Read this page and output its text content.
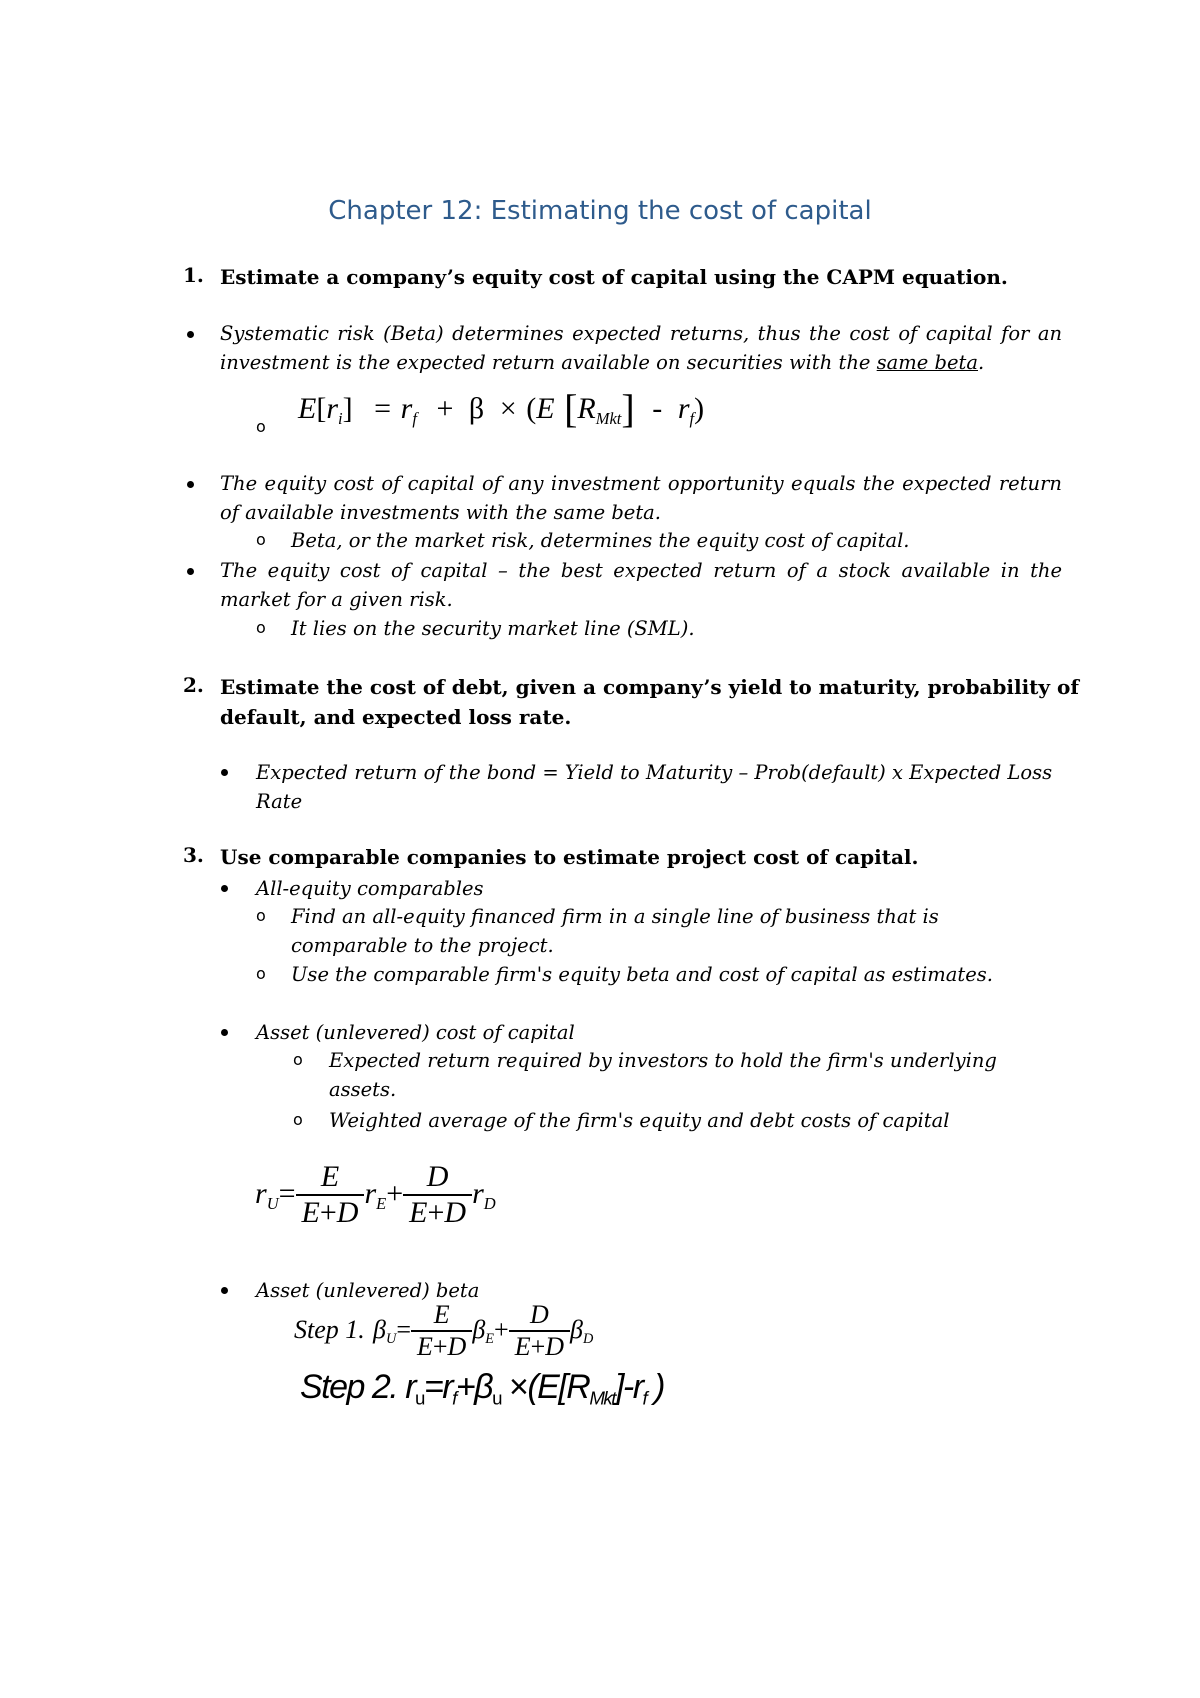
Chapter 12: Estimating the cost of capital
1. Estimate a company’s equity cost of capital using the CAPM equation.
Systematic risk (Beta) determines expected returns, thus the cost of capital for an investment is the expected return available on securities with the same beta.
o
$E[r_i] = r_f + \beta \times (E$ $[R_{Mkt}] - r_f$)
The equity cost of capital of any investment opportunity equals the expected return of available investments with the same beta.
o Beta, or the market risk, determines the equity cost of capital.
The equity cost of capital – the best expected return of a stock available in the market for a given risk.
o It lies on the security market line (SML).
2. Estimate the cost of debt, given a company’s yield to maturity, probability of default, and expected loss rate.
Expected return of the bond = Yield to Maturity – Prob(default) x Expected Loss Rate
3. Use comparable companies to estimate project cost of capital.
All-equity comparables
o Find an all-equity financed firm in a single line of business that is comparable to the project.
o Use the comparable firm's equity beta and cost of capital as estimates.
Asset (unlevered) cost of capital
o Expected return required by investors to hold the firm's underlying assets.
o Weighted average of the firm's equity and debt costs of capital
$r_U= \frac{E}{E+D} r_E+ \frac{D}{E+D} r_D$
Asset (unlevered) beta
Step 1. $\beta_U= \frac{E}{E+D} \beta_E+ \frac{D}{E+D} \beta_D$
Step 2. $r_u=r_f+\beta_u \times(E[R_{Mkt}]-r_f$ )
